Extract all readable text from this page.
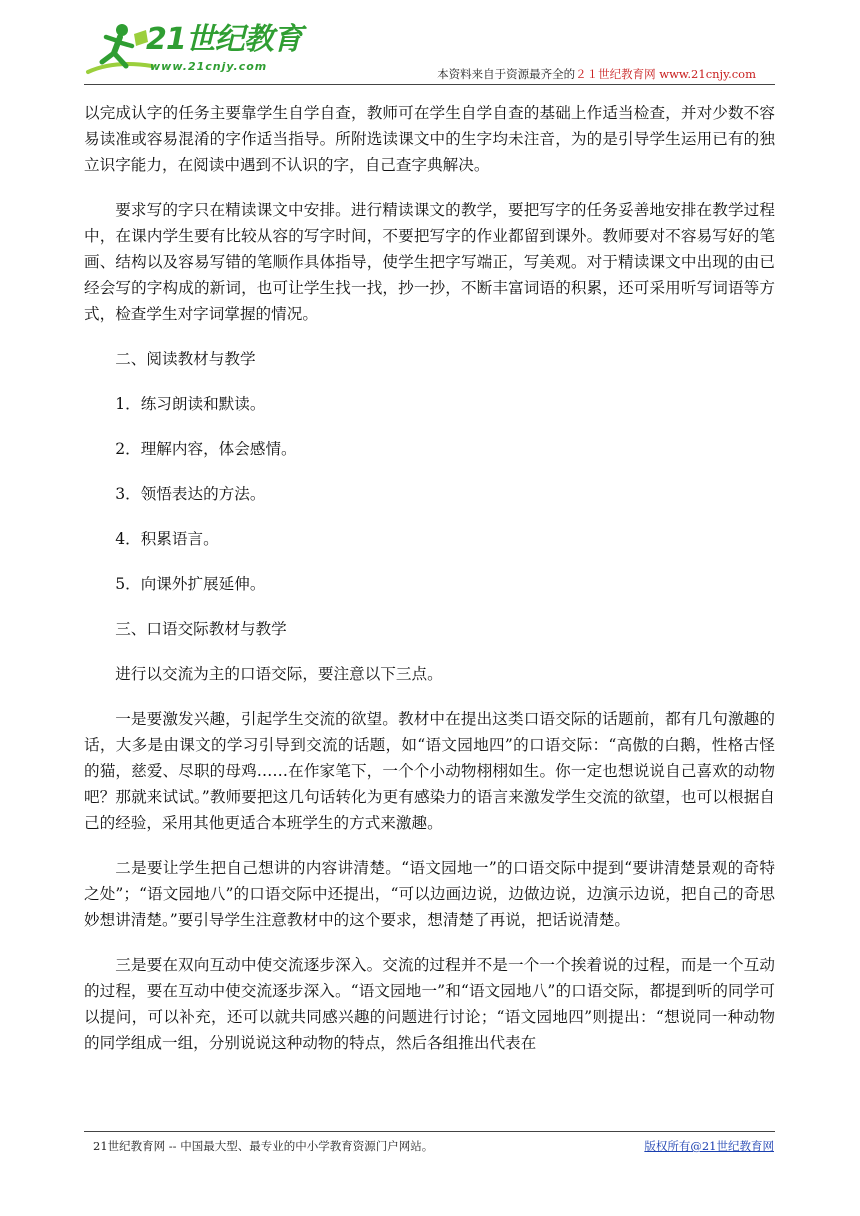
21世纪教育
www.21cnjy.com
本资料来自于资源最齐全的２１世纪教育网 www.21cnjy.com

以完成认字的任务主要靠学生自学自查，教师可在学生自学自查的基础上作适当检查，并对少数不容易读准或容易混淆的字作适当指导。所附选读课文中的生字均未注音，为的是引导学生运用已有的独立识字能力，在阅读中遇到不认识的字，自己查字典解决。

要求写的字只在精读课文中安排。进行精读课文的教学，要把写字的任务妥善地安排在教学过程中，在课内学生要有比较从容的写字时间，不要把写字的作业都留到课外。教师要对不容易写好的笔画、结构以及容易写错的笔顺作具体指导，使学生把字写端正，写美观。对于精读课文中出现的由已经会写的字构成的新词，也可让学生找一找，抄一抄，不断丰富词语的积累，还可采用听写词语等方式，检查学生对字词掌握的情况。

二、阅读教材与教学

1．练习朗读和默读。

2．理解内容，体会感情。

3．领悟表达的方法。

4．积累语言。

5．向课外扩展延伸。

三、口语交际教材与教学

进行以交流为主的口语交际，要注意以下三点。

一是要激发兴趣，引起学生交流的欲望。教材中在提出这类口语交际的话题前，都有几句激趣的话，大多是由课文的学习引导到交流的话题，如“语文园地四”的口语交际：“高傲的白鹅，性格古怪的猫，慈爱、尽职的母鸡……在作家笔下，一个个小动物栩栩如生。你一定也想说说自己喜欢的动物吧？那就来试试。”教师要把这几句话转化为更有感染力的语言来激发学生交流的欲望，也可以根据自己的经验，采用其他更适合本班学生的方式来激趣。

二是要让学生把自己想讲的内容讲清楚。“语文园地一”的口语交际中提到“要讲清楚景观的奇特之处”；“语文园地八”的口语交际中还提出，“可以边画边说，边做边说，边演示边说，把自己的奇思妙想讲清楚。”要引导学生注意教材中的这个要求，想清楚了再说，把话说清楚。

三是要在双向互动中使交流逐步深入。交流的过程并不是一个一个挨着说的过程，而是一个互动的过程，要在互动中使交流逐步深入。“语文园地一”和“语文园地八”的口语交际，都提到听的同学可以提问，可以补充，还可以就共同感兴趣的问题进行讨论；“语文园地四”则提出：“想说同一种动物的同学组成一组，分别说说这种动物的特点，然后各组推出代表在

21世纪教育网 -- 中国最大型、最专业的中小学教育资源门户网站。	版权所有@21世纪教育网
